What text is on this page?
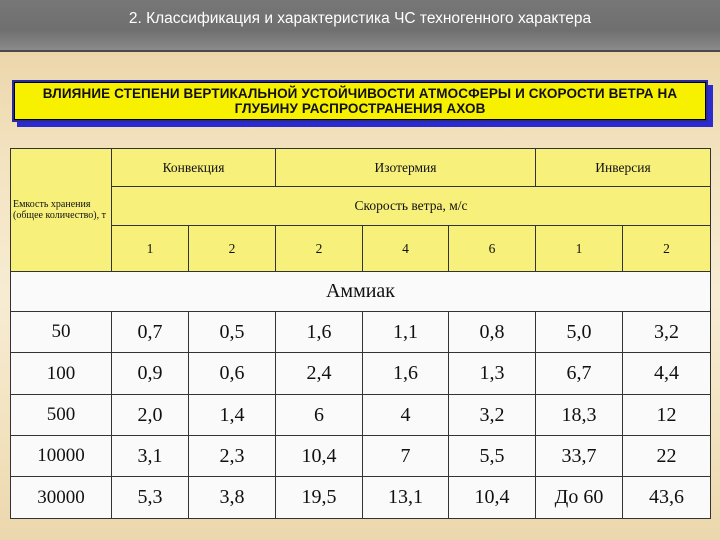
2. Классификация и характеристика ЧС техногенного характера
ВЛИЯНИЕ СТЕПЕНИ ВЕРТИКАЛЬНОЙ УСТОЙЧИВОСТИ АТМОСФЕРЫ И СКОРОСТИ ВЕТРА НА ГЛУБИНУ РАСПРОСТРАНЕНИЯ АХОВ
Емкость хранения (общее количество), т	Конвекция		Изотермия			Инверсия	
	Скорость ветра, м/с						
	1	2	2	4	6	1	2
Аммиак							
50	0,7	0,5	1,6	1,1	0,8	5,0	3,2
100	0,9	0,6	2,4	1,6	1,3	6,7	4,4
500	2,0	1,4	6	4	3,2	18,3	12
10000	3,1	2,3	10,4	7	5,5	33,7	22
30000	5,3	3,8	19,5	13,1	10,4	До 60	43,6
